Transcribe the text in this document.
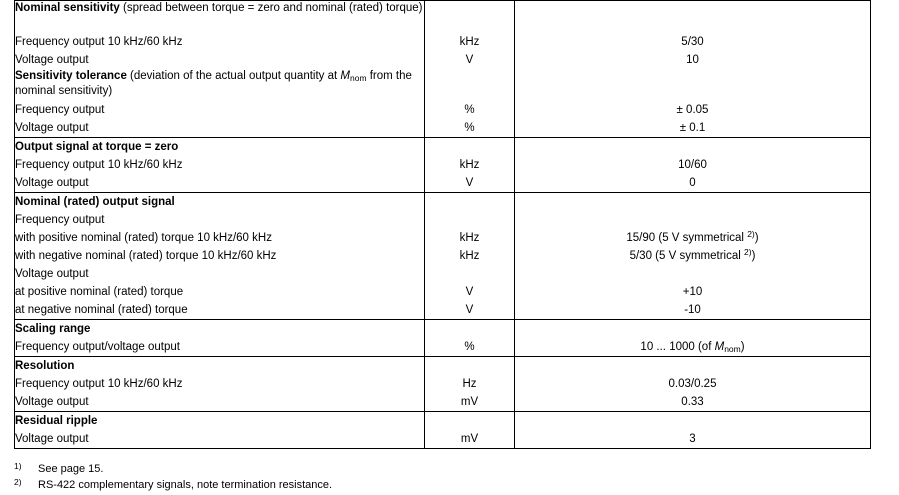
Nominal sensitivity (spread between torque = zero and nominal (rated) torque)		
Frequency output 10 kHz/60 kHz	kHz	5/30
Voltage output	V	10
Sensitivity tolerance (deviation of the actual output quantity at $M_{nom}$ from the nominal sensitivity)		
Frequency output	%	± 0.05
Voltage output	%	± 0.1
Output signal at torque = zero		
Frequency output 10 kHz/60 kHz	kHz	10/60
Voltage output	V	0
Nominal (rated) output signal		
Frequency output		
with positive nominal (rated) torque 10 kHz/60 kHz	kHz	15/90 (5 V symmetrical $^{2)}$)
with negative nominal (rated) torque 10 kHz/60 kHz	kHz	5/30 (5 V symmetrical $^{2)}$)
Voltage output		
at positive nominal (rated) torque	V	+10
at negative nominal (rated) torque	V	-10
Scaling range		
Frequency output/voltage output	%	10 ... 1000 (of $M_{nom}$)
Resolution		
Frequency output 10 kHz/60 kHz	Hz	0.03/0.25
Voltage output	mV	0.33
Residual ripple		
Voltage output	mV	3
1)	See page 15.
2)	RS-422 complementary signals, note termination resistance.
